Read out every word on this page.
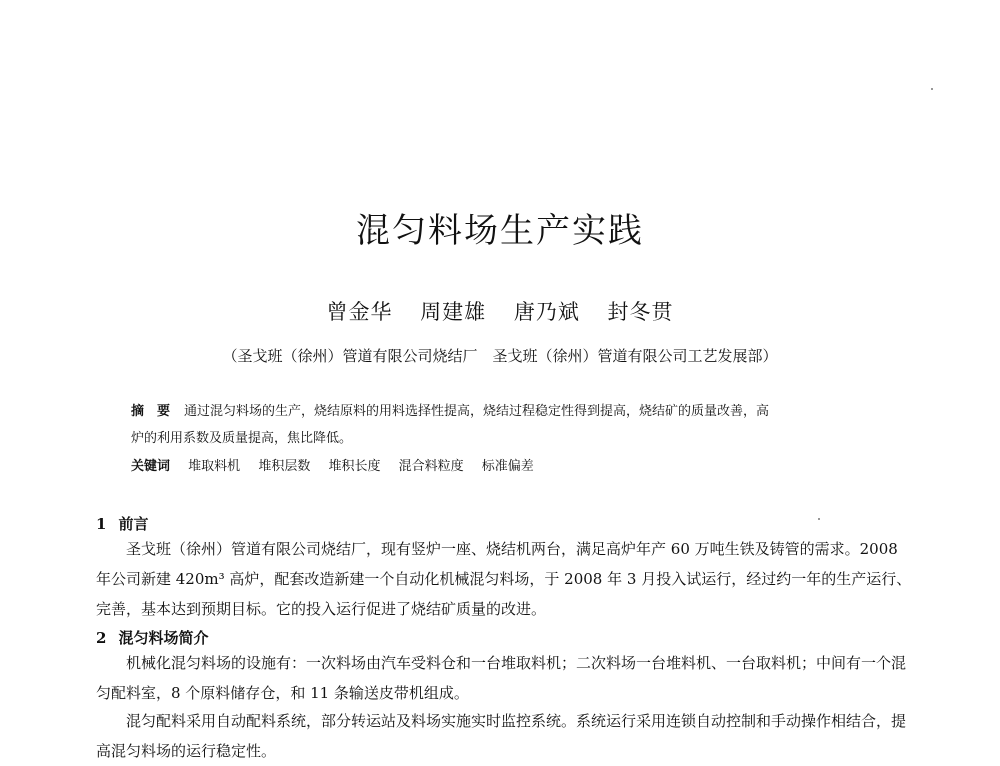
混匀料场生产实践
曾金华 周建雄 唐乃斌 封冬贯
（圣戈班（徐州）管道有限公司烧结厂　圣戈班（徐州）管道有限公司工艺发展部）
摘　要 通过混匀料场的生产，烧结原料的用料选择性提高，烧结过程稳定性得到提高，烧结矿的质量改善，高
炉的利用系数及质量提高，焦比降低。
关键词 堆取料机 堆积层数 堆积长度 混合料粒度 标准偏差
1 前言
圣戈班（徐州）管道有限公司烧结厂，现有竖炉一座、烧结机两台，满足高炉年产 60 万吨生铁及铸管的需求。2008 年公司新建 420m³ 高炉，配套改造新建一个自动化机械混匀料场，于 2008 年 3 月投入试运行，经过约一年的生产运行、完善，基本达到预期目标。它的投入运行促进了烧结矿质量的改进。
2 混匀料场简介
机械化混匀料场的设施有：一次料场由汽车受料仓和一台堆取料机；二次料场一台堆料机、一台取料机；中间有一个混匀配料室，8 个原料储存仓，和 11 条输送皮带机组成。
混匀配料采用自动配料系统，部分转运站及料场实施实时监控系统。系统运行采用连锁自动控制和手动操作相结合，提高混匀料场的运行稳定性。
